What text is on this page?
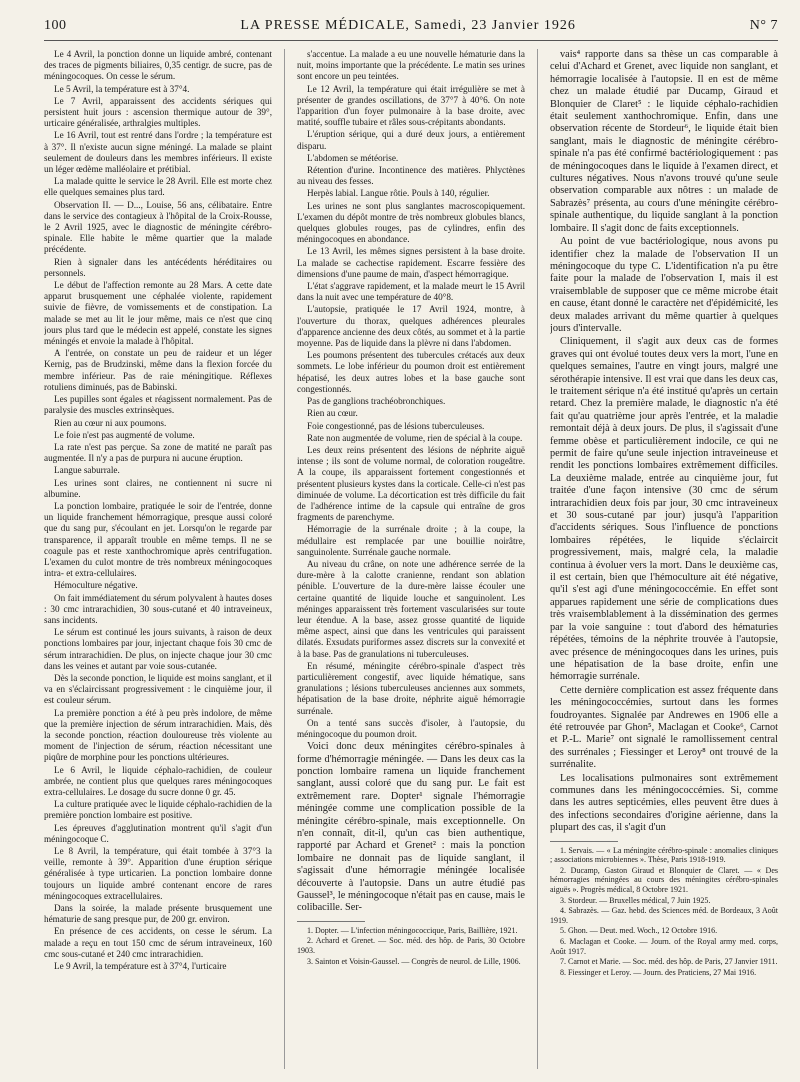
100	LA PRESSE MÉDICALE, Samedi, 23 Janvier 1926	N° 7

Le 4 Avril, la ponction donne un liquide ambré, contenant des traces de pigments biliaires, 0,35 centigr. de sucre, pas de méningocoques. On cesse le sérum.

Le 5 Avril, la température est à 37°4.

Le 7 Avril, apparaissent des accidents sériques qui persistent huit jours : ascension thermique autour de 39°, urticaire généralisée, arthralgies multiples.

Le 16 Avril, tout est rentré dans l'ordre ; la température est à 37°. Il n'existe aucun signe méningé. La malade se plaint seulement de douleurs dans les membres inférieurs. Il existe un léger œdème malléolaire et prétibial.

La malade quitte le service le 28 Avril. Elle est morte chez elle quelques semaines plus tard.

Observation II. — D..., Louise, 56 ans, célibataire. Entre dans le service des contagieux à l'hôpital de la Croix-Rousse, le 2 Avril 1925, avec le diagnostic de méningite cérébro-spinale. Elle habite le même quartier que la malade précédente.

Rien à signaler dans les antécédents héréditaires ou personnels.

Le début de l'affection remonte au 28 Mars. A cette date apparut brusquement une céphalée violente, rapidement suivie de fièvre, de vomissements et de constipation. La malade se met au lit le jour même, mais ce n'est que cinq jours plus tard que le médecin est appelé, constate les signes méningés et envoie la malade à l'hôpital.

A l'entrée, on constate un peu de raideur et un léger Kernig, pas de Brudzinski, même dans la flexion forcée du membre inférieur. Pas de raie méningitique. Réflexes rotuliens diminués, pas de Babinski.

Les pupilles sont égales et réagissent normalement. Pas de paralysie des muscles extrinsèques.

Rien au cœur ni aux poumons.

Le foie n'est pas augmenté de volume.

La rate n'est pas perçue. Sa zone de matité ne paraît pas augmentée. Il n'y a pas de purpura ni aucune éruption.

Langue saburrale.

Les urines sont claires, ne contiennent ni sucre ni albumine.

La ponction lombaire, pratiquée le soir de l'entrée, donne un liquide franchement hémorragique, presque aussi coloré que du sang pur, s'écoulant en jet. Lorsqu'on le regarde par transparence, il apparaît trouble en même temps. Il ne se coagule pas et reste xanthochromique après centrifugation. L'examen du culot montre de très nombreux méningocoques intra- et extra-cellulaires.

Hémoculture négative.

On fait immédiatement du sérum polyvalent à hautes doses : 30 cmc intrarachidien, 30 sous-cutané et 40 intraveineux, sans incidents.

Le sérum est continué les jours suivants, à raison de deux ponctions lombaires par jour, injectant chaque fois 30 cmc de sérum intrarachidien. De plus, on injecte chaque jour 30 cmc dans les veines et autant par voie sous-cutanée.

Dès la seconde ponction, le liquide est moins sanglant, et il va en s'éclaircissant progressivement : le cinquième jour, il est couleur sérum.

La première ponction a été à peu près indolore, de même que la première injection de sérum intrarachidien. Mais, dès la seconde ponction, réaction douloureuse très violente au moment de l'injection de sérum, réaction nécessitant une piqûre de morphine pour les ponctions ultérieures.

Le 6 Avril, le liquide céphalo-rachidien, de couleur ambrée, ne contient plus que quelques rares méningocoques extra-cellulaires. Le dosage du sucre donne 0 gr. 45.

La culture pratiquée avec le liquide céphalo-rachidien de la première ponction lombaire est positive.

Les épreuves d'agglutination montrent qu'il s'agit d'un méningocoque C.

Le 8 Avril, la température, qui était tombée à 37°3 la veille, remonte à 39°. Apparition d'une éruption sérique généralisée à type urticarien. La ponction lombaire donne toujours un liquide ambré contenant encore de rares méningocoques extracellulaires.

Dans la soirée, la malade présente brusquement une hématurie de sang presque pur, de 200 gr. environ.

En présence de ces accidents, on cesse le sérum. La malade a reçu en tout 150 cmc de sérum intraveineux, 160 cmc sous-cutané et 240 cmc intrarachidien.

Le 9 Avril, la température est à 37°4, l'urticaire

s'accentue. La malade a eu une nouvelle hématurie dans la nuit, moins importante que la précédente. Le matin ses urines sont encore un peu teintées.

Le 12 Avril, la température qui était irrégulière se met à présenter de grandes oscillations, de 37°7 à 40°6. On note l'apparition d'un foyer pulmonaire à la base droite, avec matité, souffle tubaire et râles sous-crépitants abondants.

L'éruption sérique, qui a duré deux jours, a entièrement disparu.

L'abdomen se météorise.

Rétention d'urine. Incontinence des matières. Phlyctènes au niveau des fesses.

Herpès labial. Langue rôtie. Pouls à 140, régulier.

Les urines ne sont plus sanglantes macroscopiquement. L'examen du dépôt montre de très nombreux globules blancs, quelques globules rouges, pas de cylindres, enfin des méningocoques en abondance.

Le 13 Avril, les mêmes signes persistent à la base droite. La malade se cachectise rapidement. Escarre fessière des dimensions d'une paume de main, d'aspect hémorragique.

L'état s'aggrave rapidement, et la malade meurt le 15 Avril dans la nuit avec une température de 40°8.

L'autopsie, pratiquée le 17 Avril 1924, montre, à l'ouverture du thorax, quelques adhérences pleurales d'apparence ancienne des deux côtés, au sommet et à la partie moyenne. Pas de liquide dans la plèvre ni dans l'abdomen.

Les poumons présentent des tubercules crétacés aux deux sommets. Le lobe inférieur du poumon droit est entièrement hépatisé, les deux autres lobes et la base gauche sont congestionnés.

Pas de ganglions trachéobronchiques.

Rien au cœur.

Foie congestionné, pas de lésions tuberculeuses.

Rate non augmentée de volume, rien de spécial à la coupe.

Les deux reins présentent des lésions de néphrite aiguë intense ; ils sont de volume normal, de coloration rougeâtre. A la coupe, ils apparaissent fortement congestionnés et présentent plusieurs kystes dans la corticale. Celle-ci n'est pas diminuée de volume. La décortication est très difficile du fait de l'adhérence intime de la capsule qui entraîne de gros fragments de parenchyme.

Hémorragie de la surrénale droite ; à la coupe, la médullaire est remplacée par une bouillie noirâtre, sanguinolente. Surrénale gauche normale.

Au niveau du crâne, on note une adhérence serrée de la dure-mère à la calotte cranienne, rendant son ablation pénible. L'ouverture de la dure-mère laisse écouler une certaine quantité de liquide louche et sanguinolent. Les méninges apparaissent très fortement vascularisées sur toute leur étendue. A la base, assez grosse quantité de liquide même aspect, ainsi que dans les ventricules qui paraissent dilatés. Exsudats puriformes assez discrets sur la convexité et à la base. Pas de granulations ni tuberculeuses.

En résumé, méningite cérébro-spinale d'aspect très particulièrement congestif, avec liquide hématique, sans granulations ; lésions tuberculeuses anciennes aux sommets, hépatisation de la base droite, néphrite aiguë hémorragie surrénale.

On a tenté sans succès d'isoler, à l'autopsie, du méningocoque du poumon droit.

Voici donc deux méningites cérébro-spinales à forme d'hémorragie méningée. — Dans les deux cas la ponction lombaire ramena un liquide franchement sanglant, aussi coloré que du sang pur. Le fait est extrêmement rare. Dopter¹ signale l'hémorragie méningée comme une complication possible de la méningite cérébro-spinale, mais exceptionnelle. On n'en connaît, dit-il, qu'un cas bien authentique, rapporté par Achard et Grenet² : mais la ponction lombaire ne donnait pas de liquide sanglant, il s'agissait d'une hémorragie méningée localisée découverte à l'autopsie. Dans un autre étudié pas Gaussel³, le méningocoque n'était pas en cause, mais le colibacille. Ser-

1. Dopter. — L'infection méningococcique, Paris, Baillière, 1921.

2. Achard et Grenet. — Soc. méd. des hôp. de Paris, 30 Octobre 1903.

3. Sainton et Voisin-Gaussel. — Congrès de neurol. de Lille, 1906.

vais⁴ rapporte dans sa thèse un cas comparable à celui d'Achard et Grenet, avec liquide non sanglant, et hémorragie localisée à l'autopsie. Il en est de même chez un malade étudié par Ducamp, Giraud et Blonquier de Claret⁵ : le liquide céphalo-rachidien était seulement xanthochromique. Enfin, dans une observation récente de Stordeur⁶, le liquide était bien sanglant, mais le diagnostic de méningite cérébro-spinale n'a pas été confirmé bactériologiquement : pas de méningocoques dans le liquide à l'examen direct, et cultures négatives. Nous n'avons trouvé qu'une seule observation comparable aux nôtres : un malade de Sabrazès⁷ présenta, au cours d'une méningite cérébro-spinale authentique, du liquide sanglant à la ponction lombaire. Il s'agit donc de faits exceptionnels.

Au point de vue bactériologique, nous avons pu identifier chez la malade de l'observation II un méningocoque du type C. L'identification n'a pu être faite pour la malade de l'observation I, mais il est vraisemblable de supposer que ce même microbe était en cause, étant donné le caractère net d'épidémicité, les deux malades arrivant du même quartier à quelques jours d'intervalle.

Cliniquement, il s'agit aux deux cas de formes graves qui ont évolué toutes deux vers la mort, l'une en quelques semaines, l'autre en vingt jours, malgré une sérothérapie intensive. Il est vrai que dans les deux cas, le traitement sérique n'a été institué qu'après un certain retard. Chez la première malade, le diagnostic n'a été fait qu'au quatrième jour après l'entrée, et la maladie remontait déjà à deux jours. De plus, il s'agissait d'une femme obèse et particulièrement indocile, ce qui ne permit de faire qu'une seule injection intraveineuse et rendit les ponctions lombaires extrêmement difficiles. La deuxième malade, entrée au cinquième jour, fut traitée d'une façon intensive (30 cmc de sérum intrarachidien deux fois par jour, 30 cmc intraveineux et 30 sous-cutané par jour) jusqu'à l'apparition d'accidents sériques. Sous l'influence de ponctions lombaires répétées, le liquide s'éclaircit progressivement, mais, malgré cela, la maladie continua à évoluer vers la mort. Dans le deuxième cas, il est certain, bien que l'hémoculture ait été négative, qu'il s'est agi d'une méningococcémie. En effet sont apparues rapidement une série de complications dues très vraisemblablement à la dissémination des germes par la voie sanguine : tout d'abord des hématuries répétées, témoins de la néphrite trouvée à l'autopsie, avec présence de méningocoques dans les urines, puis une hépatisation de la base droite, enfin une hémorragie surrénale.

Cette dernière complication est assez fréquente dans les méningococcémies, surtout dans les formes foudroyantes. Signalée par Andrewes en 1906 elle a été retrouvée par Ghon⁵, Maclagan et Cooke⁶, Carnot et P.-L. Marie⁷ ont signalé le ramollissement central des surrénales ; Fiessinger et Leroy⁸ ont trouvé de la surrénalite.

Les localisations pulmonaires sont extrêmement communes dans les méningococcémies. Si, comme dans les autres septicémies, elles peuvent être dues à des infections secondaires d'origine aérienne, dans la plupart des cas, il s'agit d'un

1. Servais. — « La méningite cérébro-spinale : anomalies cliniques ; associations microbiennes ». Thèse, Paris 1918-1919.

2. Ducamp, Gaston Giraud et Blonquier de Claret. — « Des hémorragies méningées au cours des méningites cérébro-spinales aiguës ». Progrès médical, 8 Octobre 1921.

3. Stordeur. — Bruxelles médical, 7 Juin 1925.

4. Sabrazès. — Gaz. hebd. des Sciences méd. de Bordeaux, 3 Août 1919.

5. Ghon. — Deut. med. Woch., 12 Octobre 1916.

6. Maclagan et Cooke. — Journ. of the Royal army med. corps, Août 1917.

7. Carnot et Marie. — Soc. méd. des hôp. de Paris, 27 Janvier 1911.

8. Fiessinger et Leroy. — Journ. des Praticiens, 27 Mai 1916.
